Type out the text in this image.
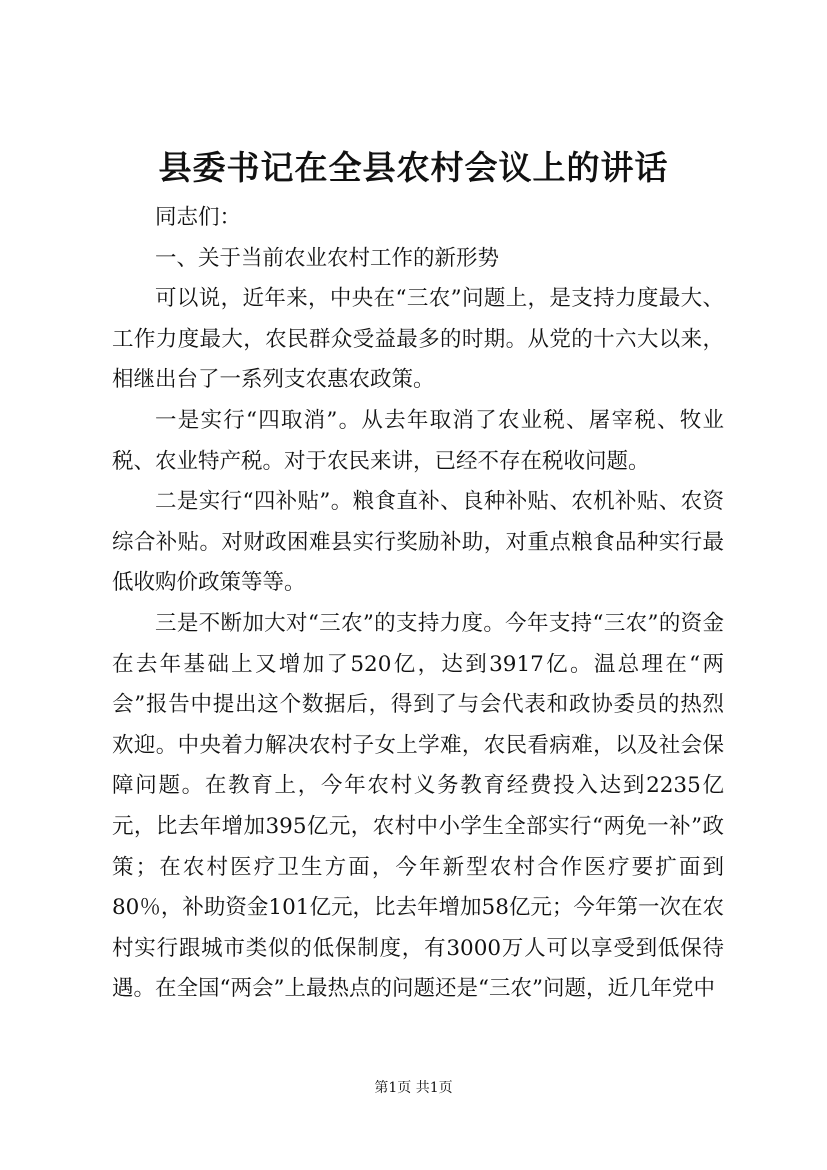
县委书记在全县农村会议上的讲话

同志们：

一、关于当前农业农村工作的新形势

可以说，近年来，中央在“三农”问题上，是支持力度最大、工作力度最大，农民群众受益最多的时期。从党的十六大以来，相继出台了一系列支农惠农政策。

一是实行“四取消”。从去年取消了农业税、屠宰税、牧业税、农业特产税。对于农民来讲，已经不存在税收问题。

二是实行“四补贴”。粮食直补、良种补贴、农机补贴、农资综合补贴。对财政困难县实行奖励补助，对重点粮食品种实行最低收购价政策等等。

三是不断加大对“三农”的支持力度。今年支持“三农”的资金在去年基础上又增加了520亿，达到3917亿。温总理在“两会”报告中提出这个数据后，得到了与会代表和政协委员的热烈欢迎。中央着力解决农村子女上学难，农民看病难，以及社会保障问题。在教育上，今年农村义务教育经费投入达到2235亿元，比去年增加395亿元，农村中小学生全部实行“两免一补”政策；在农村医疗卫生方面，今年新型农村合作医疗要扩面到80％，补助资金101亿元，比去年增加58亿元；今年第一次在农村实行跟城市类似的低保制度，有3000万人可以享受到低保待遇。在全国“两会”上最热点的问题还是“三农”问题，近几年党中

第1页 共1页
